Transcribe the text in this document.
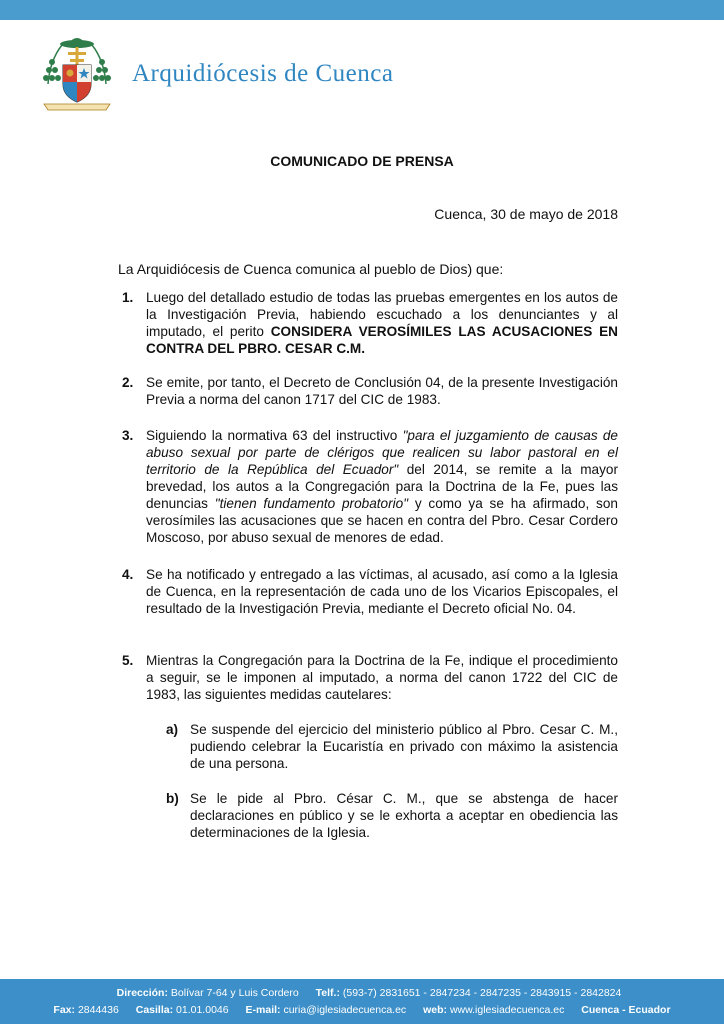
Arquidiócesis de Cuenca
COMUNICADO DE PRENSA
Cuenca, 30 de mayo de 2018
La Arquidiócesis de Cuenca comunica al pueblo de Dios) que:
1. Luego del detallado estudio de todas las pruebas emergentes en los autos de la Investigación Previa, habiendo escuchado a los denunciantes y al imputado, el perito CONSIDERA VEROSÍMILES LAS ACUSACIONES EN CONTRA DEL PBRO. CESAR C.M.
2. Se emite, por tanto, el Decreto de Conclusión 04, de la presente Investigación Previa a norma del canon 1717 del CIC de 1983.
3. Siguiendo la normativa 63 del instructivo "para el juzgamiento de causas de abuso sexual por parte de clérigos que realicen su labor pastoral en el territorio de la República del Ecuador" del 2014, se remite a la mayor brevedad, los autos a la Congregación para la Doctrina de la Fe, pues las denuncias "tienen fundamento probatorio" y como ya se ha afirmado, son verosímiles las acusaciones que se hacen en contra del Pbro. Cesar Cordero Moscoso, por abuso sexual de menores de edad.
4. Se ha notificado y entregado a las víctimas, al acusado, así como a la Iglesia de Cuenca, en la representación de cada uno de los Vicarios Episcopales, el resultado de la Investigación Previa, mediante el Decreto oficial No. 04.
5. Mientras la Congregación para la Doctrina de la Fe, indique el procedimiento a seguir, se le imponen al imputado, a norma del canon 1722 del CIC de 1983, las siguientes medidas cautelares:
a) Se suspende del ejercicio del ministerio público al Pbro. Cesar C. M., pudiendo celebrar la Eucaristía en privado con máximo la asistencia de una persona.
b) Se le pide al Pbro. César C. M., que se abstenga de hacer declaraciones en público y se le exhorta a aceptar en obediencia las determinaciones de la Iglesia.
Dirección: Bolívar 7-64 y Luis Cordero Telf.: (593-7) 2831651 - 2847234 - 2847235 - 2843915 - 2842824
Fax: 2844436 Casilla: 01.01.0046 E-mail: curia@iglesiadecuenca.ec web: www.iglesiadecuenca.ec Cuenca - Ecuador
